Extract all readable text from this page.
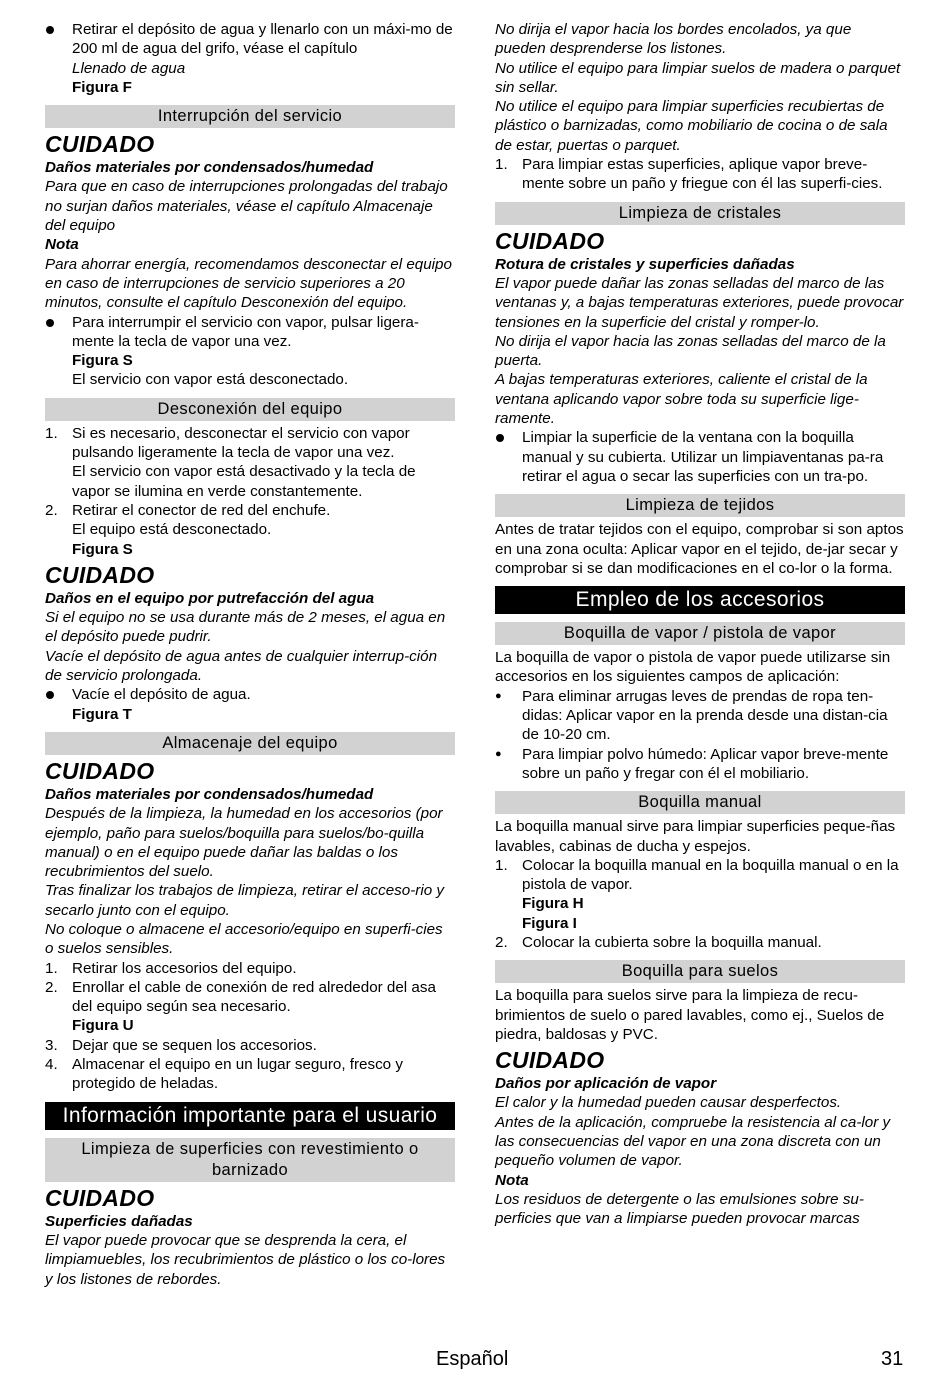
Retirar el depósito de agua y llenarlo con un máxi-mo de 200 ml de agua del grifo, véase el capítulo

Llenado de agua

Figura F

Interrupción del servicio
CUIDADO

Daños materiales por condensados/humedad

Para que en caso de interrupciones prolongadas del trabajo no surjan daños materiales, véase el capítulo Almacenaje del equipo

Nota

Para ahorrar energía, recomendamos desconectar el equipo en caso de interrupciones de servicio superiores a 20 minutos, consulte el capítulo Desconexión del equipo.

Para interrumpir el servicio con vapor, pulsar ligera-mente la tecla de vapor una vez.

Figura S

El servicio con vapor está desconectado.

Desconexión del equipo
1. Si es necesario, desconectar el servicio con vapor pulsando ligeramente la tecla de vapor una vez.

El servicio con vapor está desactivado y la tecla de vapor se ilumina en verde constantemente.

2. Retirar el conector de red del enchufe.

El equipo está desconectado.

Figura S

CUIDADO

Daños en el equipo por putrefacción del agua

Si el equipo no se usa durante más de 2 meses, el agua en el depósito puede pudrir.

Vacíe el depósito de agua antes de cualquier interrup-ción de servicio prolongada.

Vacíe el depósito de agua.

Figura T

Almacenaje del equipo
CUIDADO

Daños materiales por condensados/humedad

Después de la limpieza, la humedad en los accesorios (por ejemplo, paño para suelos/boquilla para suelos/bo-quilla manual) o en el equipo puede dañar las baldas o los recubrimientos del suelo.

Tras finalizar los trabajos de limpieza, retirar el acceso-rio y secarlo junto con el equipo.

No coloque o almacene el accesorio/equipo en superfi-cies o suelos sensibles.

1. Retirar los accesorios del equipo.
2. Enrollar el cable de conexión de red alrededor del asa del equipo según sea necesario.

Figura U

3. Dejar que se sequen los accesorios.
4. Almacenar el equipo en un lugar seguro, fresco y protegido de heladas.
Información importante para el usuario
Limpieza de superficies con revestimiento o barnizado
CUIDADO

Superficies dañadas

El vapor puede provocar que se desprenda la cera, el limpiamuebles, los recubrimientos de plástico o los co-lores y los listones de rebordes.

No dirija el vapor hacia los bordes encolados, ya que pueden desprenderse los listones.

No utilice el equipo para limpiar suelos de madera o parquet sin sellar.

No utilice el equipo para limpiar superficies recubiertas de plástico o barnizadas, como mobiliario de cocina o de sala de estar, puertas o parquet.

1. Para limpiar estas superficies, aplique vapor breve-mente sobre un paño y friegue con él las superfi-cies.
Limpieza de cristales
CUIDADO

Rotura de cristales y superficies dañadas

El vapor puede dañar las zonas selladas del marco de las ventanas y, a bajas temperaturas exteriores, puede provocar tensiones en la superficie del cristal y romper-lo.

No dirija el vapor hacia las zonas selladas del marco de la puerta.

A bajas temperaturas exteriores, caliente el cristal de la ventana aplicando vapor sobre toda su superficie lige-ramente.

Limpiar la superficie de la ventana con la boquilla manual y su cubierta. Utilizar un limpiaventanas pa-ra retirar el agua o secar las superficies con un tra-po.
Limpieza de tejidos

Antes de tratar tejidos con el equipo, comprobar si son aptos en una zona oculta: Aplicar vapor en el tejido, de-jar secar y comprobar si se dan modificaciones en el co-lor o la forma.

Empleo de los accesorios
Boquilla de vapor / pistola de vapor

La boquilla de vapor o pistola de vapor puede utilizarse sin accesorios en los siguientes campos de aplicación:

● Para eliminar arrugas leves de prendas de ropa ten-didas: Aplicar vapor en la prenda desde una distan-cia de 10-20 cm.
● Para limpiar polvo húmedo: Aplicar vapor breve-mente sobre un paño y fregar con él el mobiliario.
Boquilla manual

La boquilla manual sirve para limpiar superficies peque-ñas lavables, cabinas de ducha y espejos.

1. Colocar la boquilla manual en la boquilla manual o en la pistola de vapor.

Figura H

Figura I

2. Colocar la cubierta sobre la boquilla manual.
Boquilla para suelos

La boquilla para suelos sirve para la limpieza de recu-brimientos de suelo o pared lavables, como ej., Suelos de piedra, baldosas y PVC.

CUIDADO

Daños por aplicación de vapor

El calor y la humedad pueden causar desperfectos.

Antes de la aplicación, compruebe la resistencia al ca-lor y las consecuencias del vapor en una zona discreta con un pequeño volumen de vapor.

Nota

Los residuos de detergente o las emulsiones sobre su-perficies que van a limpiarse pueden provocar marcas

Español	31
